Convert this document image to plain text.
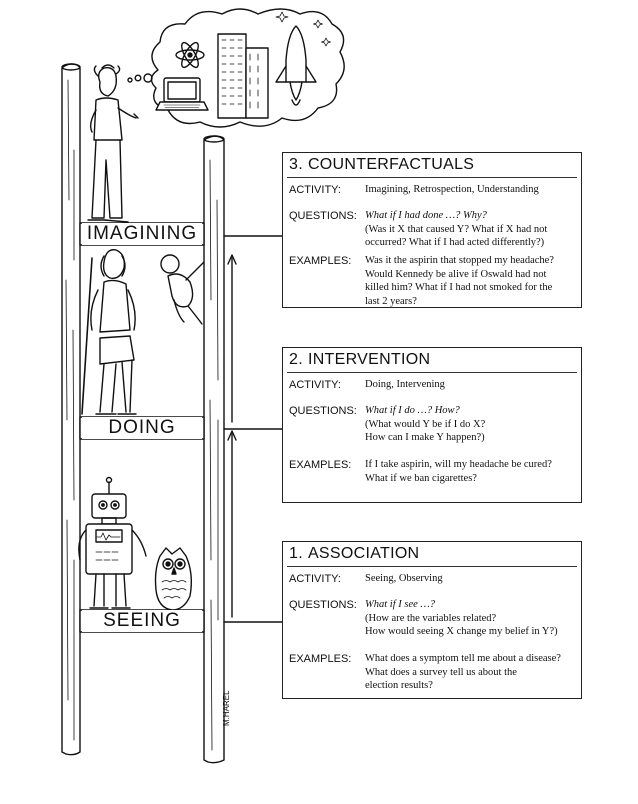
IMAGINING
DOING
SEEING
M.HAREL
3. COUNTERFACTUALS
ACTIVITY: Imagining, Retrospection, Understanding
QUESTIONS: What if I had done …? Why?
(Was it X that caused Y? What if X had not
occurred? What if I had acted differently?)
EXAMPLES: Was it the aspirin that stopped my headache?
Would Kennedy be alive if Oswald had not
killed him? What if I had not smoked for the
last 2 years?
2. INTERVENTION
ACTIVITY: Doing, Intervening
QUESTIONS: What if I do …? How?
(What would Y be if I do X?
How can I make Y happen?)
EXAMPLES: If I take aspirin, will my headache be cured?
What if we ban cigarettes?
1. ASSOCIATION
ACTIVITY: Seeing, Observing
QUESTIONS: What if I see …?
(How are the variables related?
How would seeing X change my belief in Y?)
EXAMPLES: What does a symptom tell me about a disease?
What does a survey tell us about the
election results?
